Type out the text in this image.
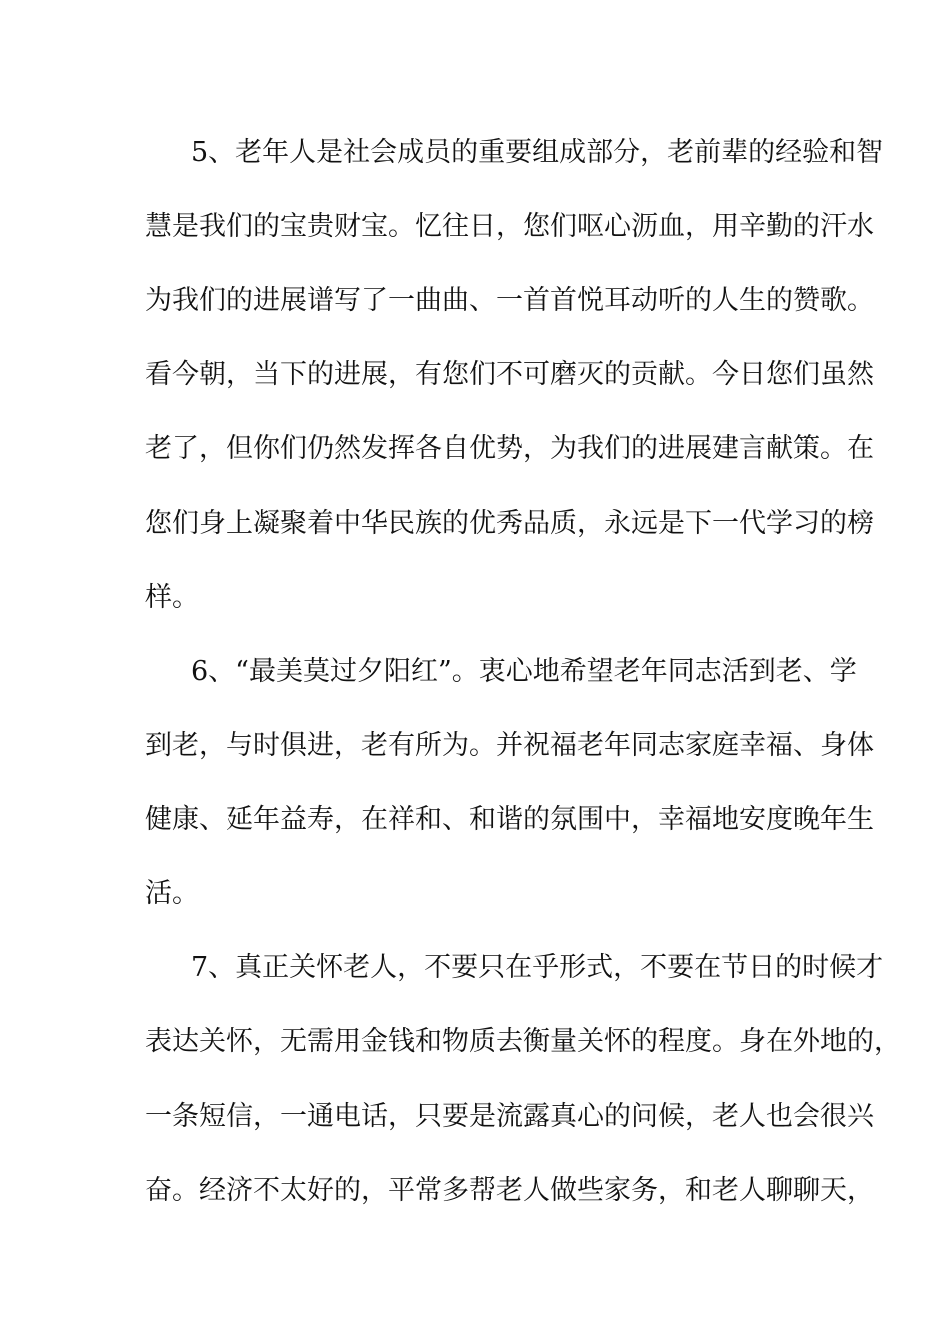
5、老年人是社会成员的重要组成部分，老前辈的经验和智
慧是我们的宝贵财宝。忆往日，您们呕心沥血，用辛勤的汗水
为我们的进展谱写了一曲曲、一首首悦耳动听的人生的赞歌。
看今朝，当下的进展，有您们不可磨灭的贡献。今日您们虽然
老了，但你们仍然发挥各自优势，为我们的进展建言献策。在
您们身上凝聚着中华民族的优秀品质，永远是下一代学习的榜
样。
6、“最美莫过夕阳红”。衷心地希望老年同志活到老、学
到老，与时俱进，老有所为。并祝福老年同志家庭幸福、身体
健康、延年益寿，在祥和、和谐的氛围中，幸福地安度晚年生
活。
7、真正关怀老人，不要只在乎形式，不要在节日的时候才
表达关怀，无需用金钱和物质去衡量关怀的程度。身在外地的，
一条短信，一通电话，只要是流露真心的问候，老人也会很兴
奋。经济不太好的，平常多帮老人做些家务，和老人聊聊天，
